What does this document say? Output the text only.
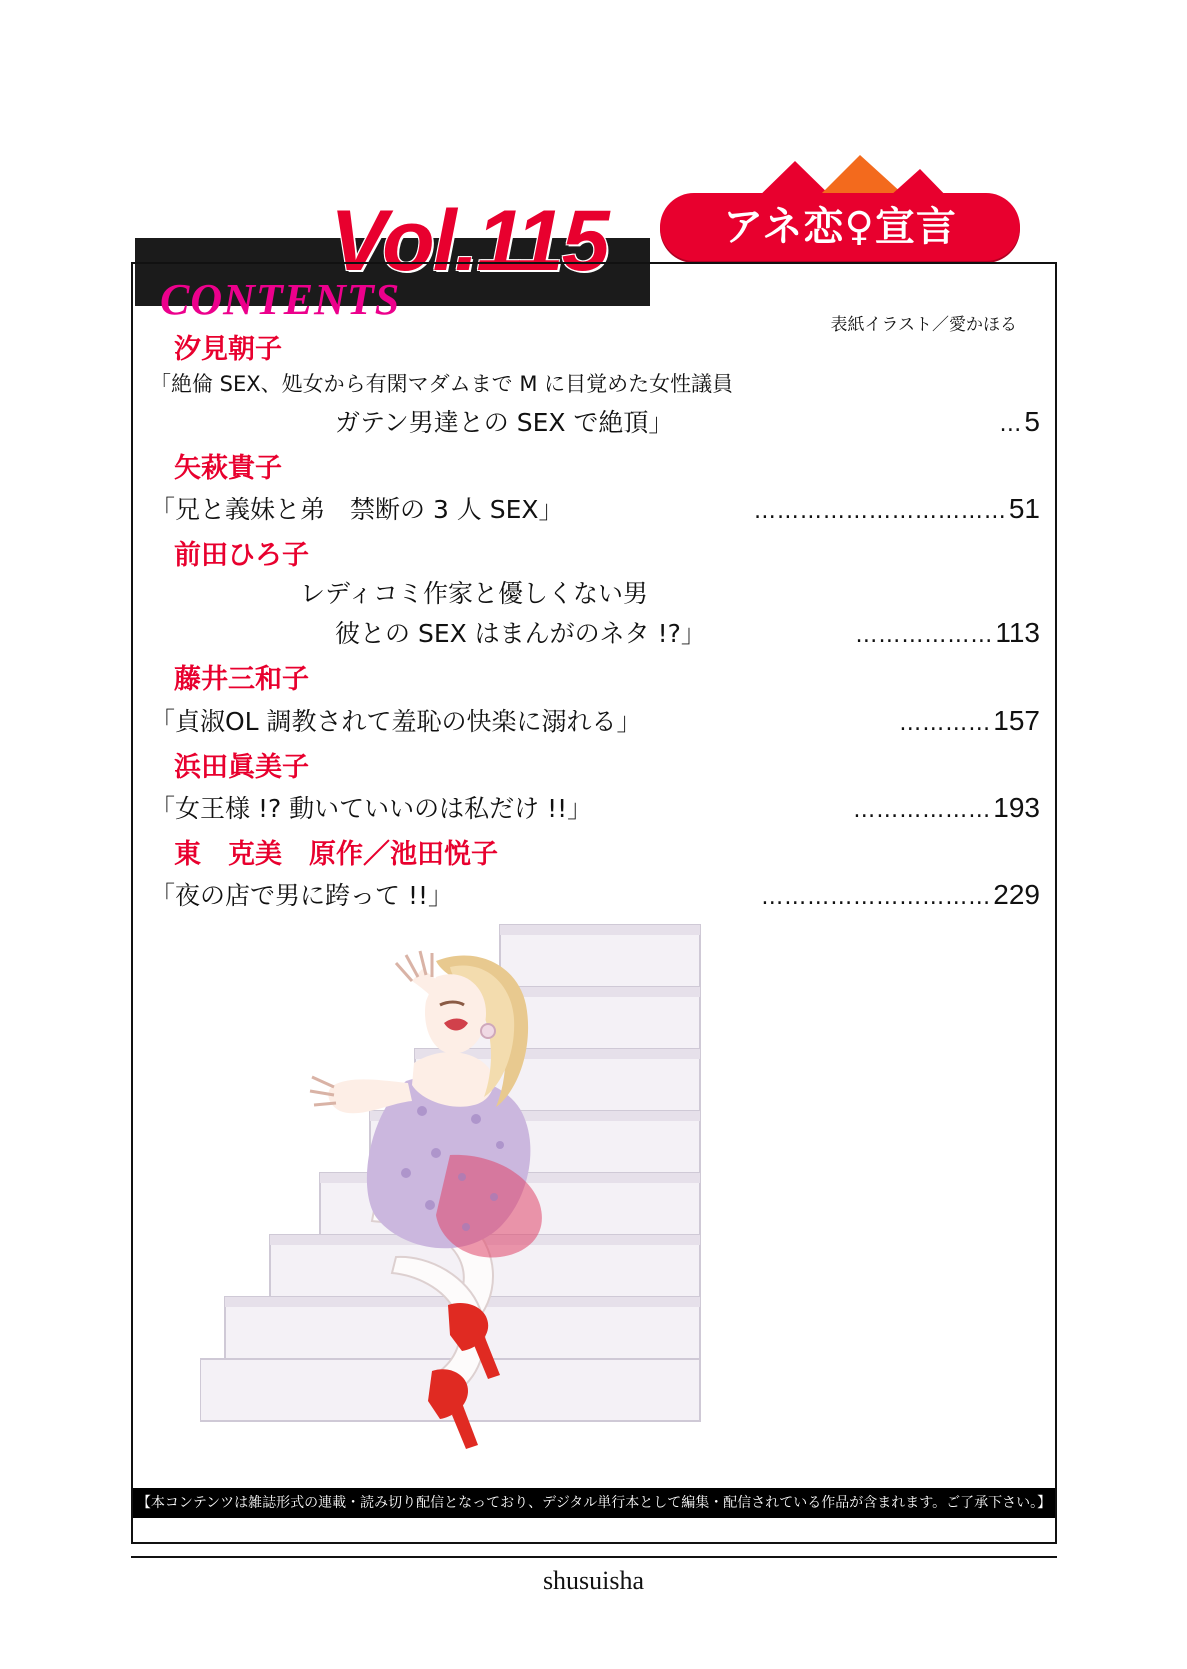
Vol.115	アネ恋♀宣言
表紙イラスト／愛かほる
CONTENTS
汐見朝子
「絶倫 SEX、処女から有閑マダムまで M に目覚めた女性議員
ガテン男達との SEX で絶頂」	… 5
矢萩貴子
「兄と義妹と弟　禁断の 3 人 SEX」	…………………………… 51
前田ひろ子
レディコミ作家と優しくない男
彼との SEX はまんがのネタ !?」	……………… 113
藤井三和子
「貞淑OL 調教されて羞恥の快楽に溺れる」	………… 157
浜田眞美子
「女王様 !? 動いていいのは私だけ !!」	……………… 193
東　克美　原作／池田悦子
「夜の店で男に跨って !!」	………………………… 229
【本コンテンツは雑誌形式の連載・読み切り配信となっており、デジタル単行本として編集・配信されている作品が含まれます。ご了承下さい。】
shusuisha
